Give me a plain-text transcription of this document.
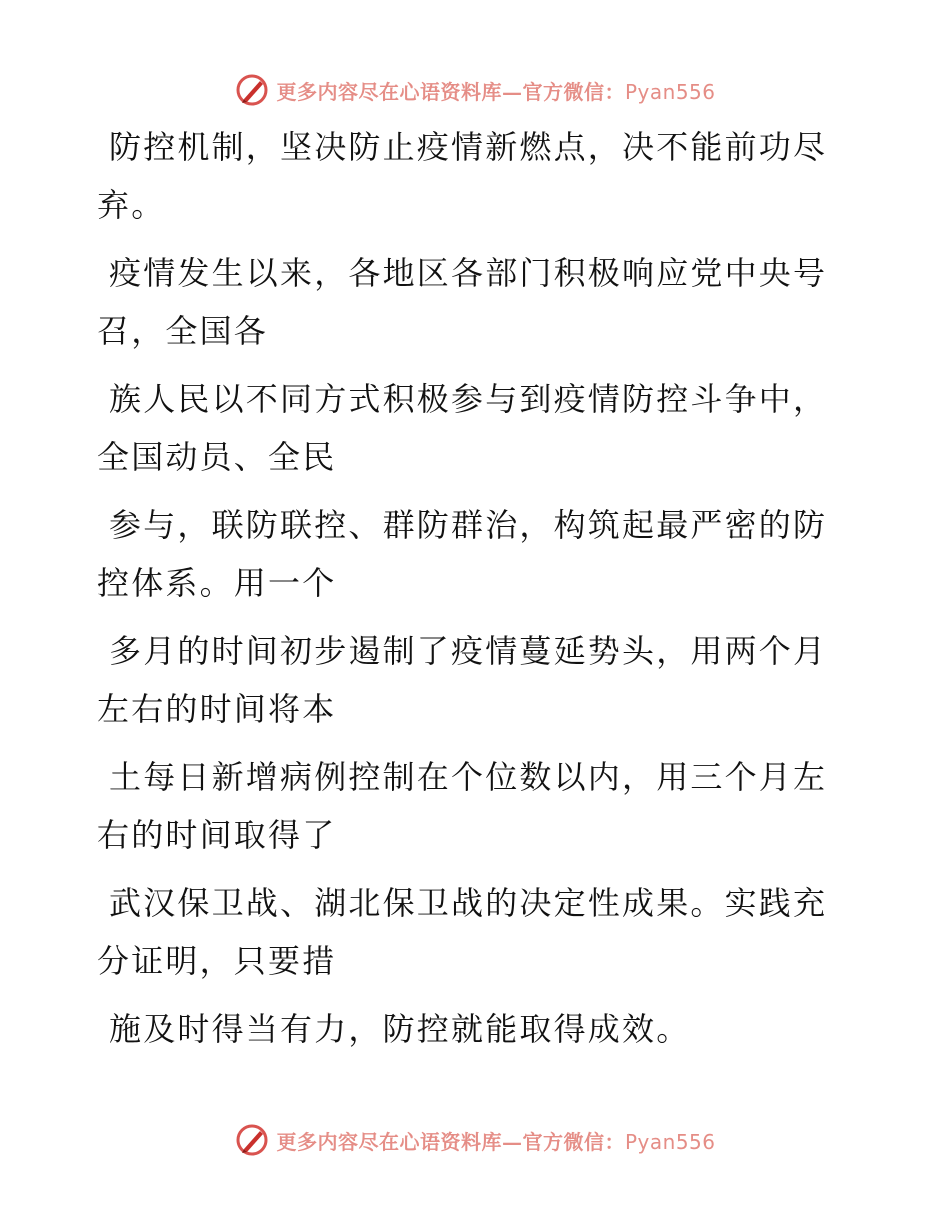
更多内容尽在心语资料库—官方微信：Pyan556
防控机制，坚决防止疫情新燃点，决不能前功尽
弃。
疫情发生以来，各地区各部门积极响应党中央号
召，全国各
族人民以不同方式积极参与到疫情防控斗争中，
全国动员、全民
参与，联防联控、群防群治，构筑起最严密的防
控体系。用一个
多月的时间初步遏制了疫情蔓延势头，用两个月
左右的时间将本
土每日新增病例控制在个位数以内，用三个月左
右的时间取得了
武汉保卫战、湖北保卫战的决定性成果。实践充
分证明，只要措
施及时得当有力，防控就能取得成效。
更多内容尽在心语资料库—官方微信：Pyan556
